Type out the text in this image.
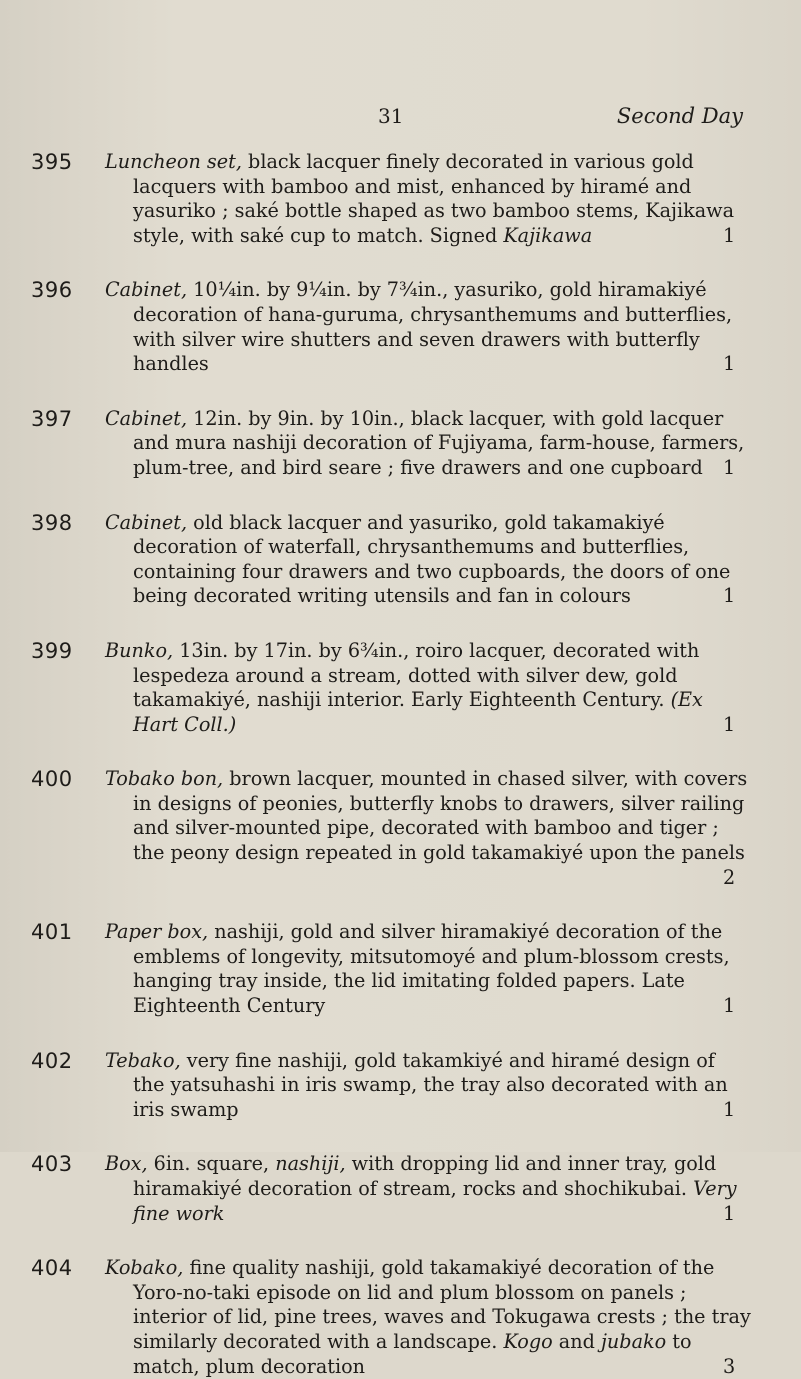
31	Second Day
395 Luncheon set, black lacquer finely decorated in various gold lacquers with bamboo and mist, enhanced by hiramé and yasuriko ; saké bottle shaped as two bamboo stems, Kajikawa style, with saké cup to match. Signed Kajikawa	1
396 Cabinet, 10¼in. by 9¼in. by 7¾in., yasuriko, gold hiramakiyé decoration of hana-guruma, chrysanthemums and butterflies, with silver wire shutters and seven drawers with butterfly handles	1
397 Cabinet, 12in. by 9in. by 10in., black lacquer, with gold lacquer and mura nashiji decoration of Fujiyama, farm-house, farmers, plum-tree, and bird seare ; five drawers and one cupboard 1
398 Cabinet, old black lacquer and yasuriko, gold takamakiyé decoration of waterfall, chrysanthemums and butterflies, containing four drawers and two cupboards, the doors of one being decorated writing utensils and fan in colours	1
399 Bunko, 13in. by 17in. by 6¾in., roiro lacquer, decorated with lespedeza around a stream, dotted with silver dew, gold takamakiyé, nashiji interior. Early Eighteenth Century. (Ex Hart Coll.)	1
400 Tobako bon, brown lacquer, mounted in chased silver, with covers in designs of peonies, butterfly knobs to drawers, silver railing and silver-mounted pipe, decorated with bamboo and tiger ; the peony design repeated in gold takamakiyé upon the panels
2
401 Paper box, nashiji, gold and silver hiramakiyé decoration of the emblems of longevity, mitsutomoyé and plum-blossom crests, hanging tray inside, the lid imitating folded papers. Late Eighteenth Century	1
402 Tebako, very fine nashiji, gold takamkiyé and hiramé design of the yatsuhashi in iris swamp, the tray also decorated with an iris swamp	1
403 Box, 6in. square, nashiji, with dropping lid and inner tray, gold hiramakiyé decoration of stream, rocks and shochikubai. Very fine work	1
404 Kobako, fine quality nashiji, gold takamakiyé decoration of the Yoro-no-taki episode on lid and plum blossom on panels ; interior of lid, pine trees, waves and Tokugawa crests ; the tray similarly decorated with a landscape. Kogo and jubako to match, plum decoration	3
